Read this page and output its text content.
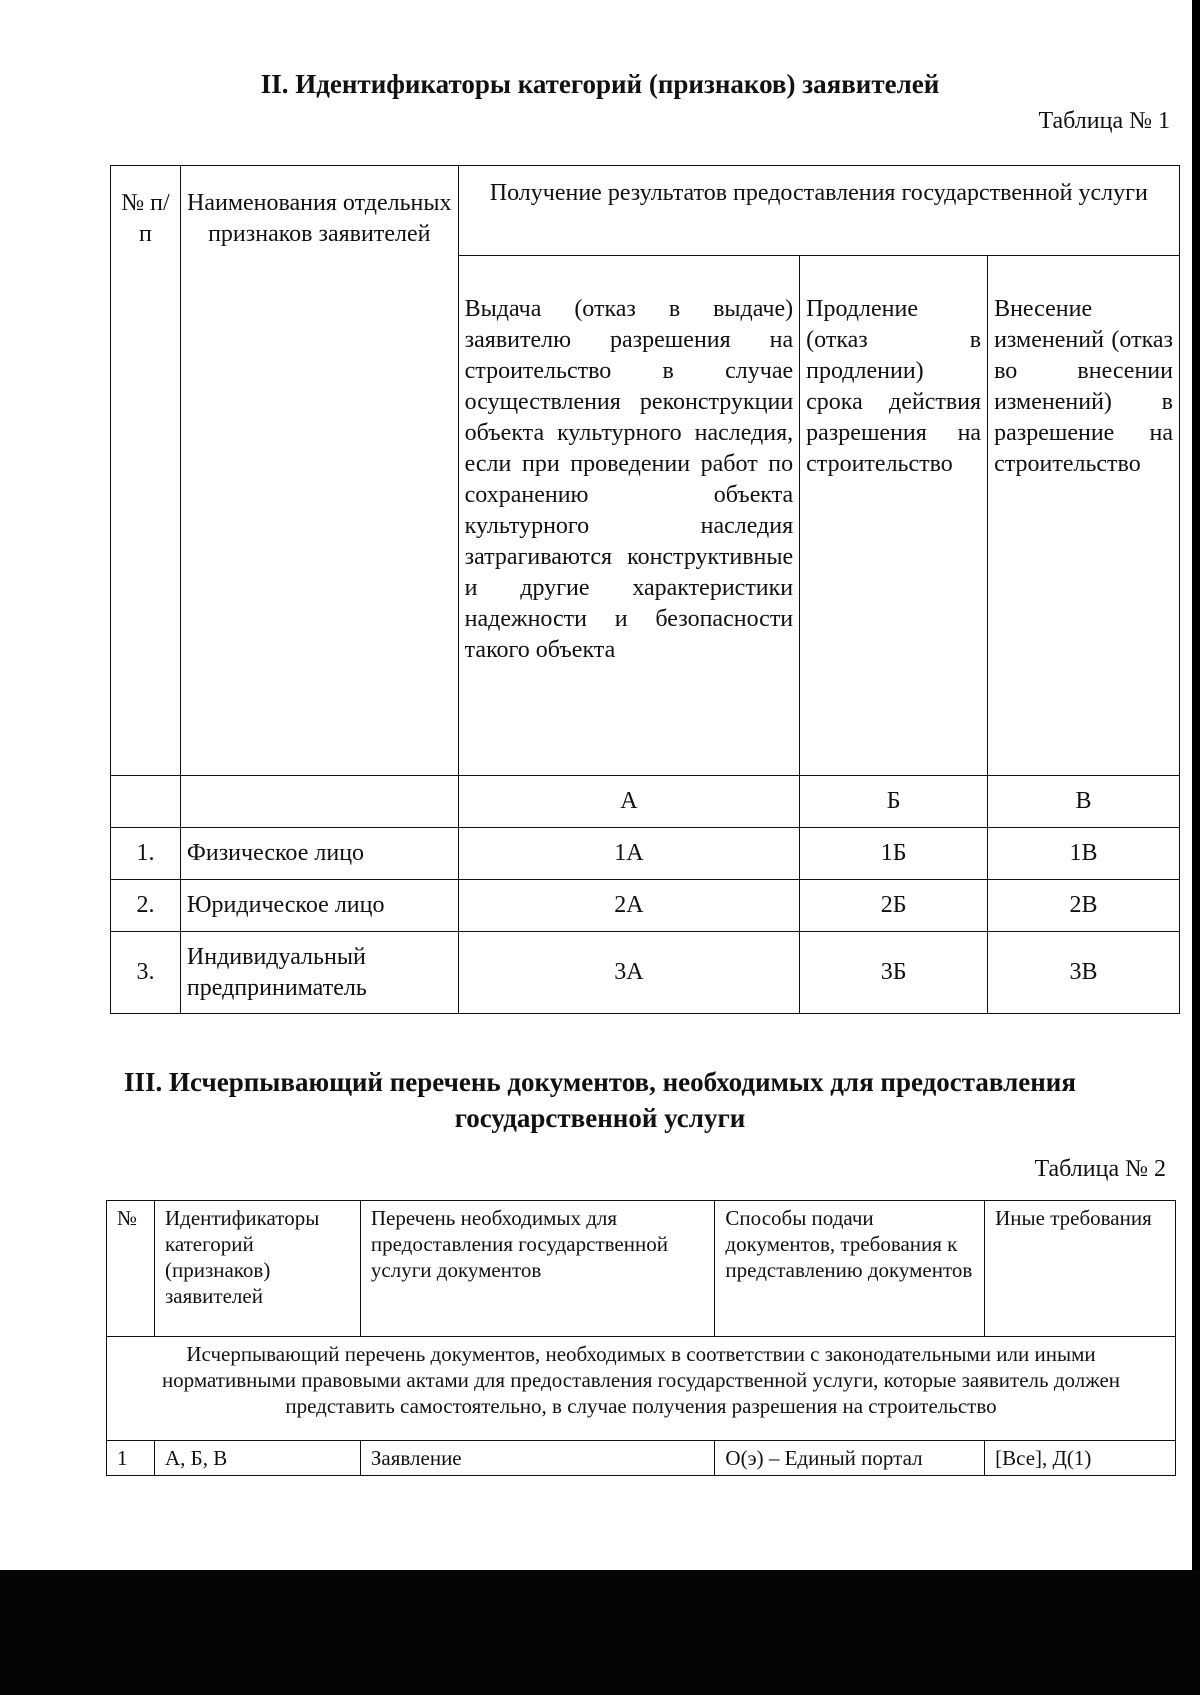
II. Идентификаторы категорий (признаков) заявителей

Таблица № 1

№ п/п	Наименования отдельных признаков заявителей	Получение результатов предоставления государственной услуги		
		Выдача (отказ в выдаче) заявителю разрешения на строительство в случае осуществления реконструкции объекта культурного наследия, если при проведении работ по сохранению объекта культурного наследия затрагиваются конструктивные и другие характеристики надежности и безопасности такого объекта	Продление (отказ в продлении) срока действия разрешения на строительство	Внесение изменений (отказ во внесении изменений) в разрешение на строительство
		А	Б	В
1.	Физическое лицо	1А	1Б	1В
2.	Юридическое лицо	2А	2Б	2В
3.	Индивидуальный предприниматель	3А	3Б	3В
III. Исчерпывающий перечень документов, необходимых для предоставления государственной услуги

Таблица № 2

№	Идентификаторы категорий (признаков) заявителей	Перечень необходимых для предоставления государственной услуги документов	Способы подачи документов, требования к представлению документов	Иные требования
Исчерпывающий перечень документов, необходимых в соответствии с законодательными или иными нормативными правовыми актами для предоставления государственной услуги, которые заявитель должен представить самостоятельно, в случае получения разрешения на строительство				
1	А, Б, В	Заявление	О(э) – Единый портал	[Все], Д(1)
